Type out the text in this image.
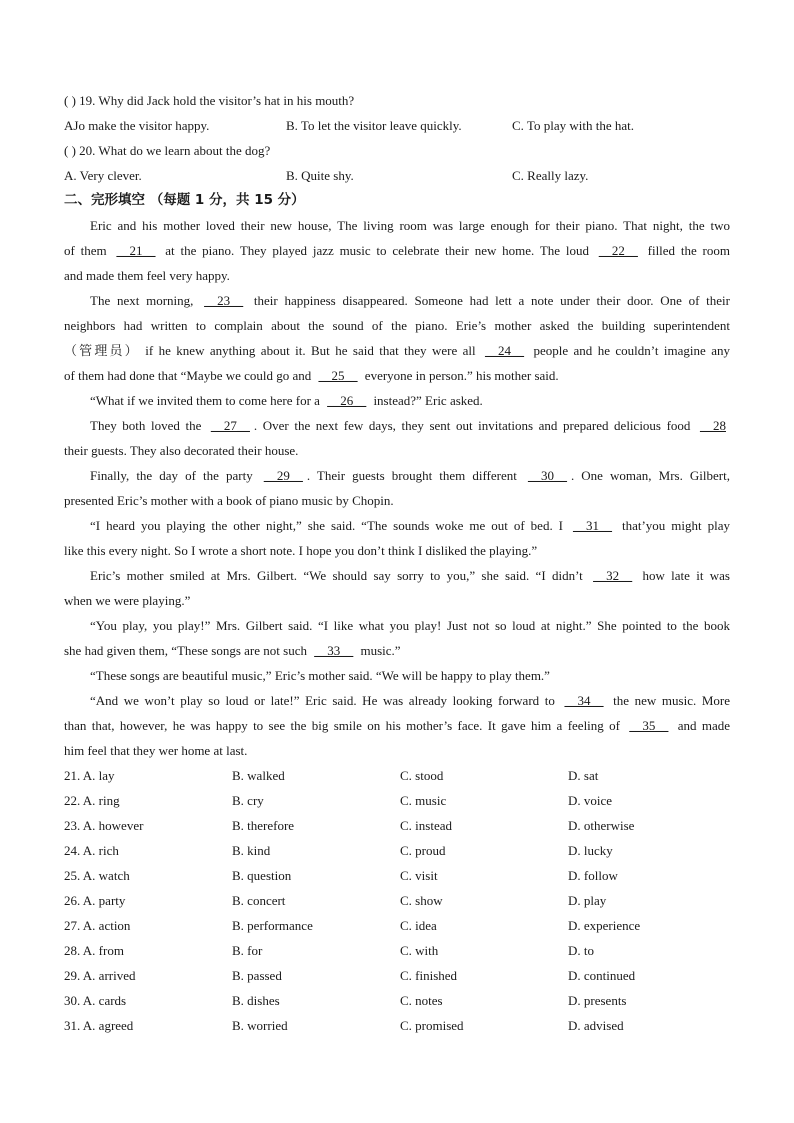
( ) 19. Why did Jack hold the visitor’s hat in his mouth?
AJo make the visitor happy.	B. To let the visitor leave quickly.	C. To play with the hat.
( ) 20. What do we learn about the dog?
A. Very clever.	B. Quite shy.	C. Really lazy.
二、完形填空 （每题 1 分，共 15 分）
Eric and his mother loved their new house, The living room was large enough for their piano. That night, the two
of them __21__ at the piano. They played jazz music to celebrate their new home. The loud __22__ filled the room
and made them feel very happy.
The next morning, __23__ their happiness disappeared. Someone had lett a note under their door. One of their
neighbors had written to complain about the sound of the piano. Erie’s mother asked the building superintendent
（管理员） if he knew anything about it. But he said that they were all __24__ people and he couldn’t imagine any
of them had done that “Maybe we could go and __25__ everyone in person.” his mother said.
“What if we invited them to come here for a __26__ instead?” Eric asked.
They both loved the __27__ . Over the next few days, they sent out invitations and prepared delicious food __28
their guests. They also decorated their house.
Finally, the day of the party __29__ . Their guests brought them different __30__ . One woman, Mrs. Gilbert,
presented Eric’s mother with a book of piano music by Chopin.
“I heard you playing the other night,” she said. “The sounds woke me out of bed. I __31__ that’you might play
like this every night. So I wrote a short note. I hope you don’t think I disliked the playing.”
Eric’s mother smiled at Mrs. Gilbert. “We should say sorry to you,” she said. “I didn’t __32__ how late it was
when we were playing.”
“You play, you play!” Mrs. Gilbert said. “I like what you play! Just not so loud at night.” She pointed to the book
she had given them, “These songs are not such __33__ music.”
“These songs are beautiful music,” Eric’s mother said. “We will be happy to play them.”
“And we won’t play so loud or late!” Eric said. He was already looking forward to __34__ the new music. More
than that, however, he was happy to see the big smile on his mother’s face. It gave him a feeling of __35__ and made
him feel that they wer home at last.
21. A. lay	B. walked	C. stood	D. sat
22. A. ring	B. cry	C. music	D. voice
23. A. however	B. therefore	C. instead	D. otherwise
24. A. rich	B. kind	C. proud	D. lucky
25. A. watch	B. question	C. visit	D. follow
26. A. party	B. concert	C. show	D. play
27. A. action	B. performance	C. idea	D. experience
28. A. from	B. for	C. with	D. to
29. A. arrived	B. passed	C. finished	D. continued
30. A. cards	B. dishes	C. notes	D. presents
31. A. agreed	B. worried	C. promised	D. advised
